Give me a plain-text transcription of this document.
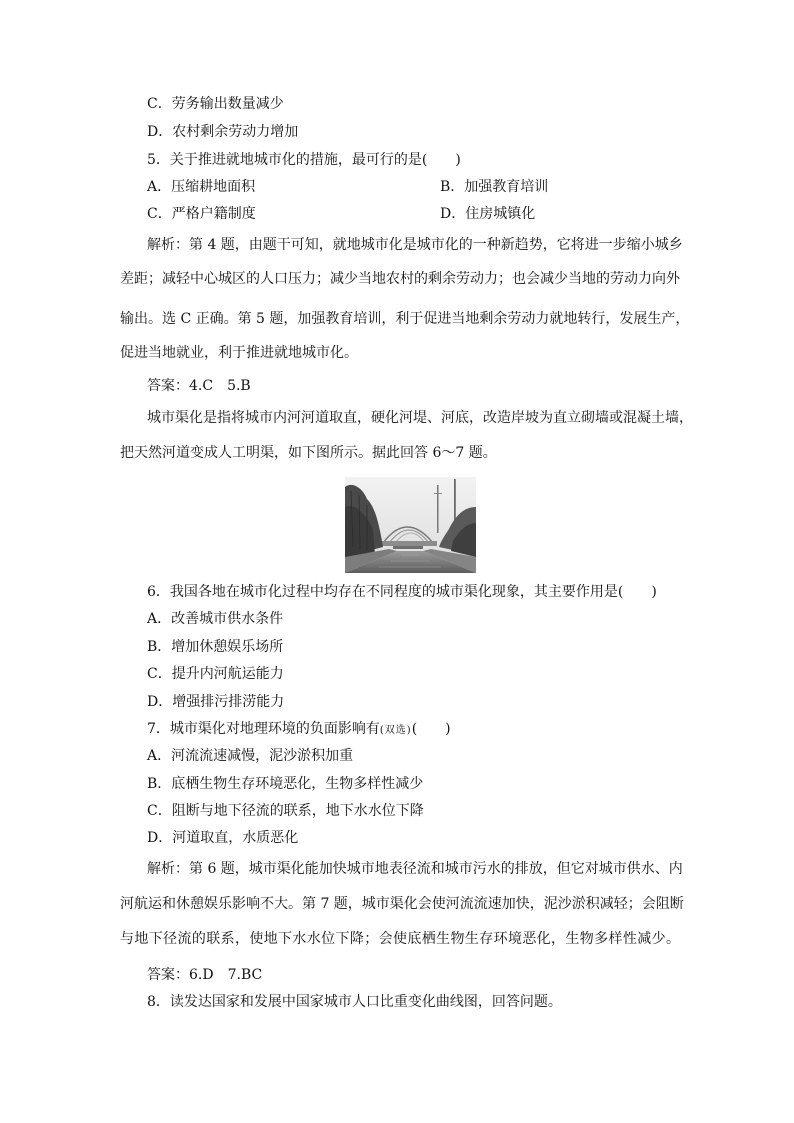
C．劳务输出数量减少
D．农村剩余劳动力增加
5．关于推进就地城市化的措施，最可行的是(　　)
A．压缩耕地面积	B．加强教育培训
C．严格户籍制度	D．住房城镇化
解析：第 4 题，由题干可知，就地城市化是城市化的一种新趋势，它将进一步缩小城乡
差距；减轻中心城区的人口压力；减少当地农村的剩余劳动力；也会减少当地的劳动力向外
输出。选 C 正确。第 5 题，加强教育培训，利于促进当地剩余劳动力就地转行，发展生产，
促进当地就业，利于推进就地城市化。
答案：4.C　5.B
城市渠化是指将城市内河河道取直，硬化河堤、河底，改造岸坡为直立砌墙或混凝土墙，
把天然河道变成人工明渠，如下图所示。据此回答 6～7 题。
6．我国各地在城市化过程中均存在不同程度的城市渠化现象，其主要作用是(　　)
A．改善城市供水条件
B．增加休憩娱乐场所
C．提升内河航运能力
D．增强排污排涝能力
7．城市渠化对地理环境的负面影响有(双选)(　　)
A．河流流速减慢，泥沙淤积加重
B．底栖生物生存环境恶化，生物多样性减少
C．阻断与地下径流的联系，地下水水位下降
D．河道取直，水质恶化
解析：第 6 题，城市渠化能加快城市地表径流和城市污水的排放，但它对城市供水、内
河航运和休憩娱乐影响不大。第 7 题，城市渠化会使河流流速加快，泥沙淤积减轻；会阻断
与地下径流的联系，使地下水水位下降；会使底栖生物生存环境恶化，生物多样性减少。
答案：6.D　7.BC
8．读发达国家和发展中国家城市人口比重变化曲线图，回答问题。
